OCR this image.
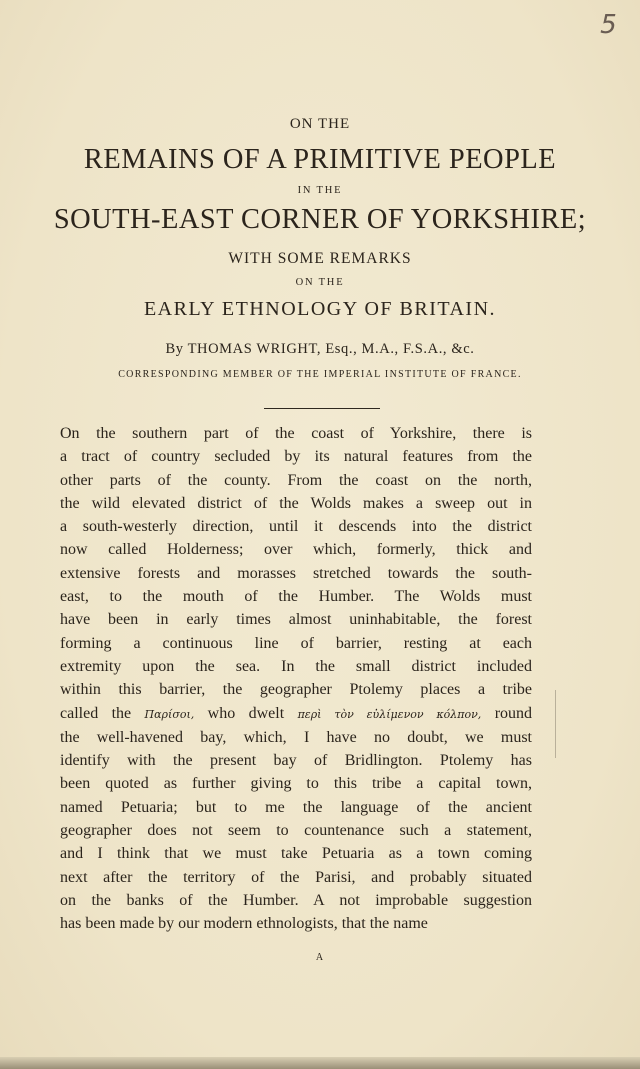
5
ON THE
REMAINS OF A PRIMITIVE PEOPLE
IN THE
SOUTH-EAST CORNER OF YORKSHIRE;
WITH SOME REMARKS
ON THE
EARLY ETHNOLOGY OF BRITAIN.
By THOMAS WRIGHT, Esq., M.A., F.S.A., &c.
CORRESPONDING MEMBER OF THE IMPERIAL INSTITUTE OF FRANCE.
On the southern part of the coast of Yorkshire, there is
a tract of country secluded by its natural features from the
other parts of the county. From the coast on the north,
the wild elevated district of the Wolds makes a sweep out in
a south-westerly direction, until it descends into the district
now called Holderness; over which, formerly, thick and
extensive forests and morasses stretched towards the south-
east, to the mouth of the Humber. The Wolds must
have been in early times almost uninhabitable, the forest
forming a continuous line of barrier, resting at each
extremity upon the sea. In the small district included
within this barrier, the geographer Ptolemy places a tribe
called the Παρίσοι, who dwelt περὶ τὸν εὐλίμενον κόλπον, round
the well-havened bay, which, I have no doubt, we must
identify with the present bay of Bridlington. Ptolemy has
been quoted as further giving to this tribe a capital town,
named Petuaria; but to me the language of the ancient
geographer does not seem to countenance such a statement,
and I think that we must take Petuaria as a town coming
next after the territory of the Parisi, and probably situated
on the banks of the Humber. A not improbable suggestion
has been made by our modern ethnologists, that the name
A
